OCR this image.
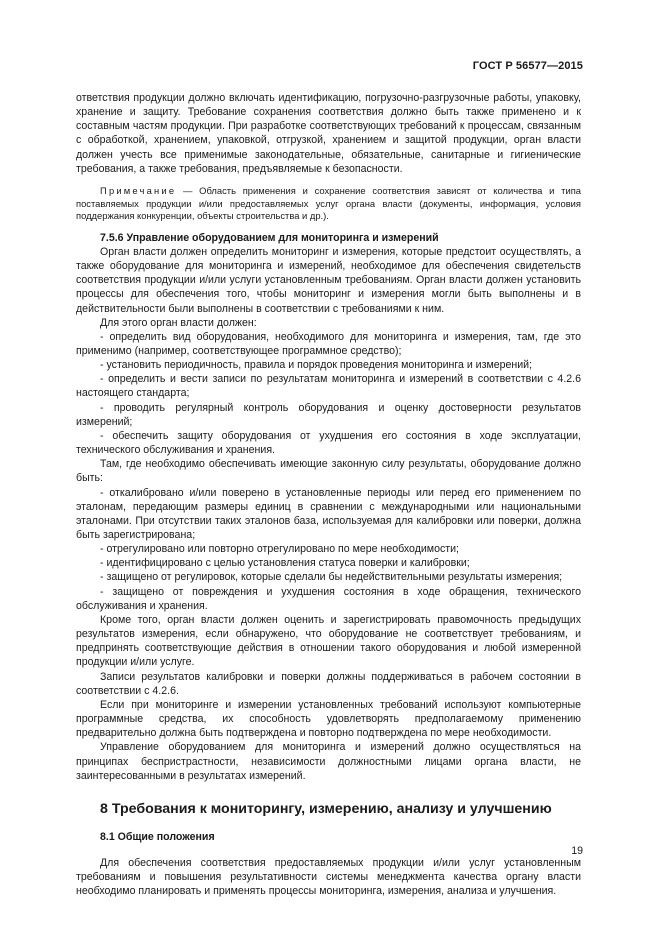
ГОСТ Р 56577—2015

ответствия продукции должно включать идентификацию, погрузочно-разгрузочные работы, упаковку, хранение и защиту. Требование сохранения соответствия должно быть также применено и к составным частям продукции. При разработке соответствующих требований к процессам, связанным с обработкой, хранением, упаковкой, отгрузкой, хранением и защитой продукции, орган власти должен учесть все применимые законодательные, обязательные, санитарные и гигиенические требования, а также требования, предъявляемые к безопасности.

Примечание — Область применения и сохранение соответствия зависят от количества и типа поставляемых продукции и/или предоставляемых услуг органа власти (документы, информация, условия поддержания конкуренции, объекты строительства и др.).

7.5.6 Управление оборудованием для мониторинга и измерений

Орган власти должен определить мониторинг и измерения, которые предстоит осуществлять, а также оборудование для мониторинга и измерений, необходимое для обеспечения свидетельств соответствия продукции и/или услуги установленным требованиям. Орган власти должен установить процессы для обеспечения того, чтобы мониторинг и измерения могли быть выполнены и в действительности были выполнены в соответствии с требованиями к ним.

Для этого орган власти должен:

- определить вид оборудования, необходимого для мониторинга и измерения, там, где это применимо (например, соответствующее программное средство);

- установить периодичность, правила и порядок проведения мониторинга и измерений;

- определить и вести записи по результатам мониторинга и измерений в соответствии с 4.2.6 настоящего стандарта;

- проводить регулярный контроль оборудования и оценку достоверности результатов измерений;

- обеспечить защиту оборудования от ухудшения его состояния в ходе эксплуатации, технического обслуживания и хранения.

Там, где необходимо обеспечивать имеющие законную силу результаты, оборудование должно быть:

- откалибровано и/или поверено в установленные периоды или перед его применением по эталонам, передающим размеры единиц в сравнении с международными или национальными эталонами. При отсутствии таких эталонов база, используемая для калибровки или поверки, должна быть зарегистрирована;

- отрегулировано или повторно отрегулировано по мере необходимости;

- идентифицировано с целью установления статуса поверки и калибровки;

- защищено от регулировок, которые сделали бы недействительными результаты измерения;

- защищено от повреждения и ухудшения состояния в ходе обращения, технического обслуживания и хранения.

Кроме того, орган власти должен оценить и зарегистрировать правомочность предыдущих результатов измерения, если обнаружено, что оборудование не соответствует требованиям, и предпринять соответствующие действия в отношении такого оборудования и любой измеренной продукции и/или услуге.

Записи результатов калибровки и поверки должны поддерживаться в рабочем состоянии в соответствии с 4.2.6.

Если при мониторинге и измерении установленных требований используют компьютерные программные средства, их способность удовлетворять предполагаемому применению предварительно должна быть подтверждена и повторно подтверждена по мере необходимости.

Управление оборудованием для мониторинга и измерений должно осуществляться на принципах беспристрастности, независимости должностными лицами органа власти, не заинтересованными в результатах измерений.

8 Требования к мониторингу, измерению, анализу и улучшению

8.1 Общие положения

Для обеспечения соответствия предоставляемых продукции и/или услуг установленным требованиям и повышения результативности системы менеджмента качества органу власти необходимо планировать и применять процессы мониторинга, измерения, анализа и улучшения.

19
